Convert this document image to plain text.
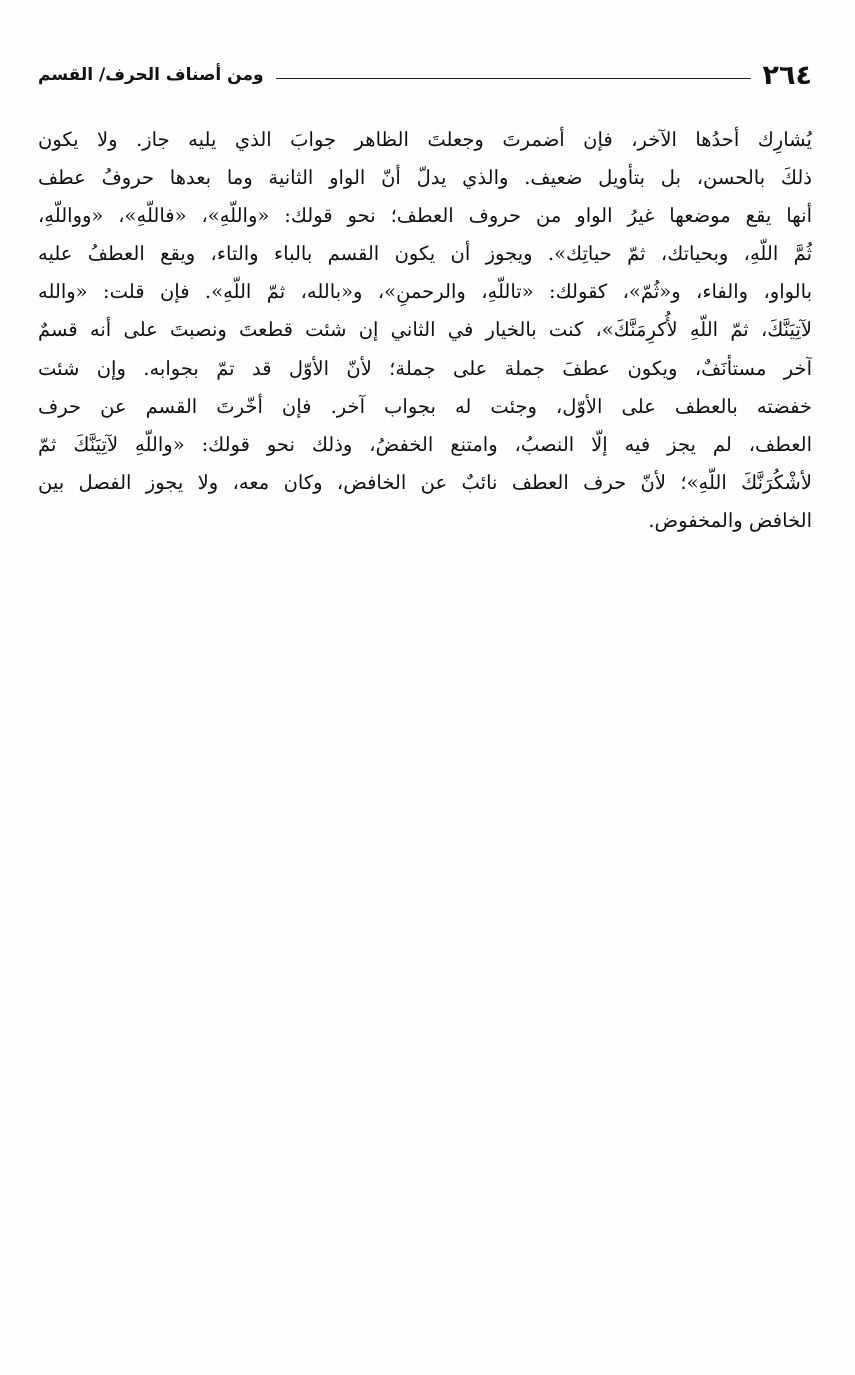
٢٦٤
ومن أصناف الحرف/ القسم
يُشارِك أحدُها الآخر، فإن أضمرتَ وجعلتَ الظاهر جوابَ الذي يليه جاز. ولا يكون
ذلكَ بالحسن، بل بتأويل ضعيف. والذي يدلّ أنّ الواو الثانية وما بعدها حروفُ عطف
أنها يقع موضعها غيرُ الواو من حروف العطف؛ نحو قولك: «واللّهِ»، «فاللّهِ»، «وواللّهِ،
ثُمَّ اللّهِ، وبحياتك، ثمّ حياتِك». ويجوز أن يكون القسم بالباء والتاء، ويقع العطفُ عليه
بالواو، والفاء، و«ثُمّ»، كقولك: «تاللّهِ، والرحمنِ»، و«بالله، ثمّ اللّهِ». فإن قلت: «والله
لآتِيَنَّكَ، ثمّ اللّهِ لأُكرِمَنَّكَ»، كنت بالخيار في الثاني إن شئت قطعتَ ونصبتَ على أنه قسمٌ
آخر مستأنَفٌ، ويكون عطفَ جملة على جملة؛ لأنّ الأوّل قد تمّ بجوابه. وإن شئت
خفضته بالعطف على الأوّل، وجئت له بجواب آخر. فإن أخّرتَ القسم عن حرف
العطف، لم يجز فيه إلّا النصبُ، وامتنع الخفضُ، وذلك نحو قولك: «واللّهِ لآتِيَنَّكَ ثمّ
لأشْكُرَنَّكَ اللّهِ»؛ لأنّ حرف العطف نائبٌ عن الخافض، وكان معه، ولا يجوز الفصل بين
الخافض والمخفوض.
